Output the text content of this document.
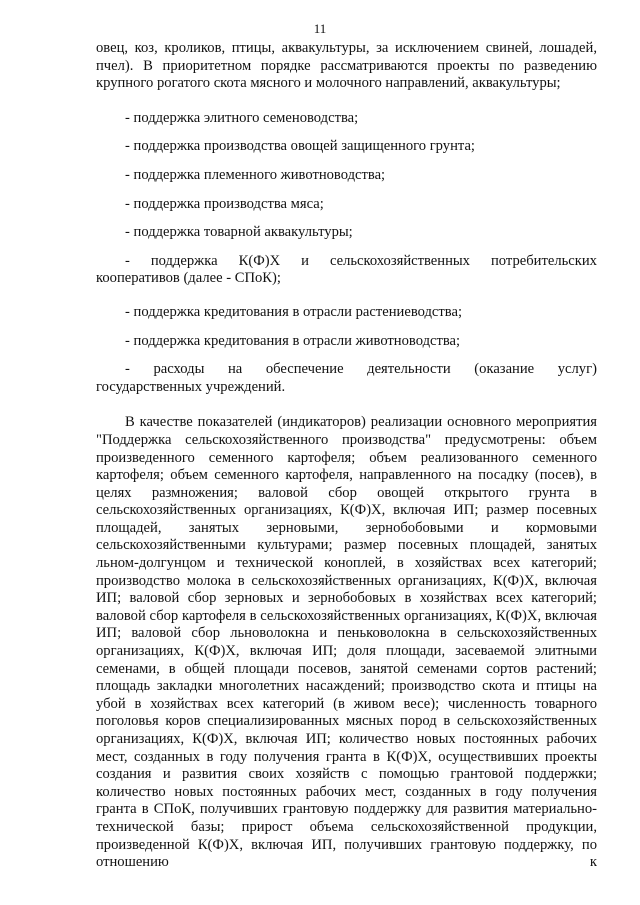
11

овец, коз, кроликов, птицы, аквакультуры, за исключением свиней, лошадей, пчел). В приоритетном порядке рассматриваются проекты по разведению крупного рогатого скота мясного и молочного направлений, аквакультуры;

- поддержка элитного семеноводства;

- поддержка производства овощей защищенного грунта;

- поддержка племенного животноводства;

- поддержка производства мяса;

- поддержка товарной аквакультуры;

- поддержка К(Ф)Х и сельскохозяйственных потребительских
кооперативов (далее - СПоК);

- поддержка кредитования в отрасли растениеводства;

- поддержка кредитования в отрасли животноводства;

- расходы на обеспечение деятельности (оказание услуг)
государственных учреждений.

В качестве показателей (индикаторов) реализации основного мероприятия "Поддержка сельскохозяйственного производства" предусмотрены: объем произведенного семенного картофеля; объем реализованного семенного картофеля; объем семенного картофеля, направленного на посадку (посев), в целях размножения; валовой сбор овощей открытого грунта в сельскохозяйственных организациях, К(Ф)Х, включая ИП; размер посевных площадей, занятых зерновыми, зернобобовыми и кормовыми сельскохозяйственными культурами; размер посевных площадей, занятых льном-долгунцом и технической коноплей, в хозяйствах всех категорий; производство молока в сельскохозяйственных организациях, К(Ф)Х, включая ИП; валовой сбор зерновых и зернобобовых в хозяйствах всех категорий; валовой сбор картофеля в сельскохозяйственных организациях, К(Ф)Х, включая ИП; валовой сбор льноволокна и пеньковолокна в сельскохозяйственных организациях, К(Ф)Х, включая ИП; доля площади, засеваемой элитными семенами, в общей площади посевов, занятой семенами сортов растений; площадь закладки многолетних насаждений; производство скота и птицы на убой в хозяйствах всех категорий (в живом весе); численность товарного поголовья коров специализированных мясных пород в сельскохозяйственных организациях, К(Ф)Х, включая ИП; количество новых постоянных рабочих мест, созданных в году получения гранта в К(Ф)Х, осуществивших проекты создания и развития своих хозяйств с помощью грантовой поддержки; количество новых постоянных рабочих мест, созданных в году получения гранта в СПоК, получивших грантовую поддержку для развития материально-технической базы; прирост объема сельскохозяйственной продукции, произведенной К(Ф)Х, включая ИП, получивших грантовую поддержку, по отношению к
